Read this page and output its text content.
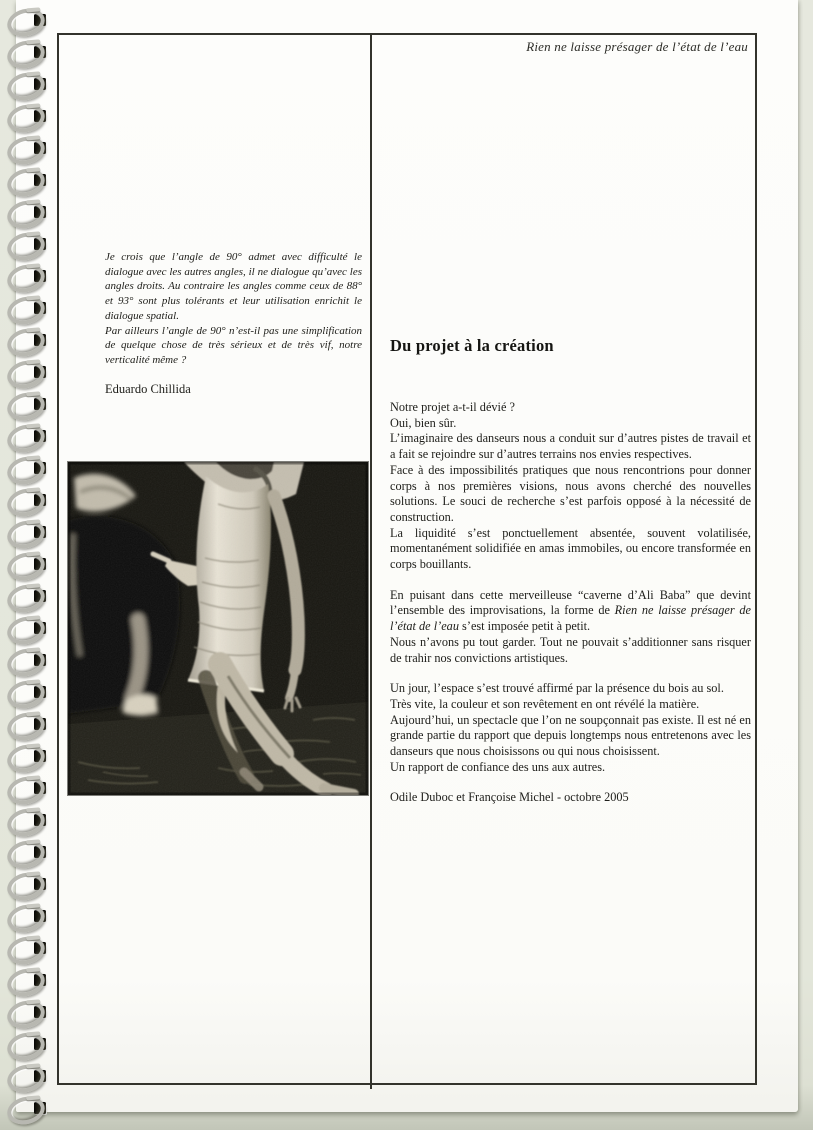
Rien ne laisse présager de l’état de l’eau
Je crois que l’angle de 90° admet avec difficulté le dialogue avec les autres angles, il ne dialogue qu’avec les angles droits. Au contraire les angles comme ceux de 88° et 93° sont plus tolérants et leur utilisation enrichit le dialogue spatial.
Par ailleurs l’angle de 90° n’est-il pas une simplification de quelque chose de très sérieux et de très vif, notre verticalité même ?
Eduardo Chillida
Du projet à la création
Notre projet a-t-il dévié ?
Oui, bien sûr.
L’imaginaire des danseurs nous a conduit sur d’autres pistes de travail et a fait se rejoindre sur d’autres terrains nos envies respectives.
Face à des impossibilités pratiques que nous rencontrions pour donner corps à nos premières visions, nous avons cherché des nouvelles solutions. Le souci de recherche s’est parfois opposé à la nécessité de construction.
La liquidité s’est ponctuellement absentée, souvent volatilisée, momentanément solidifiée en amas immobiles, ou encore transformée en corps bouillants.
En puisant dans cette merveilleuse “caverne d’Ali Baba” que devint l’ensemble des improvisations, la forme de Rien ne laisse présager de l’état de l’eau s’est imposée petit à petit.
Nous n’avons pu tout garder. Tout ne pouvait s’additionner sans risquer de trahir nos convictions artistiques.
Un jour, l’espace s’est trouvé affirmé par la présence du bois au sol.
Très vite, la couleur et son revêtement en ont révélé la matière.
Aujourd’hui, un spectacle que l’on ne soupçonnait pas existe. Il est né en grande partie du rapport que depuis longtemps nous entretenons avec les danseurs que nous choisissons ou qui nous choisissent.
Un rapport de confiance des uns aux autres.
Odile Duboc et Françoise Michel - octobre 2005
